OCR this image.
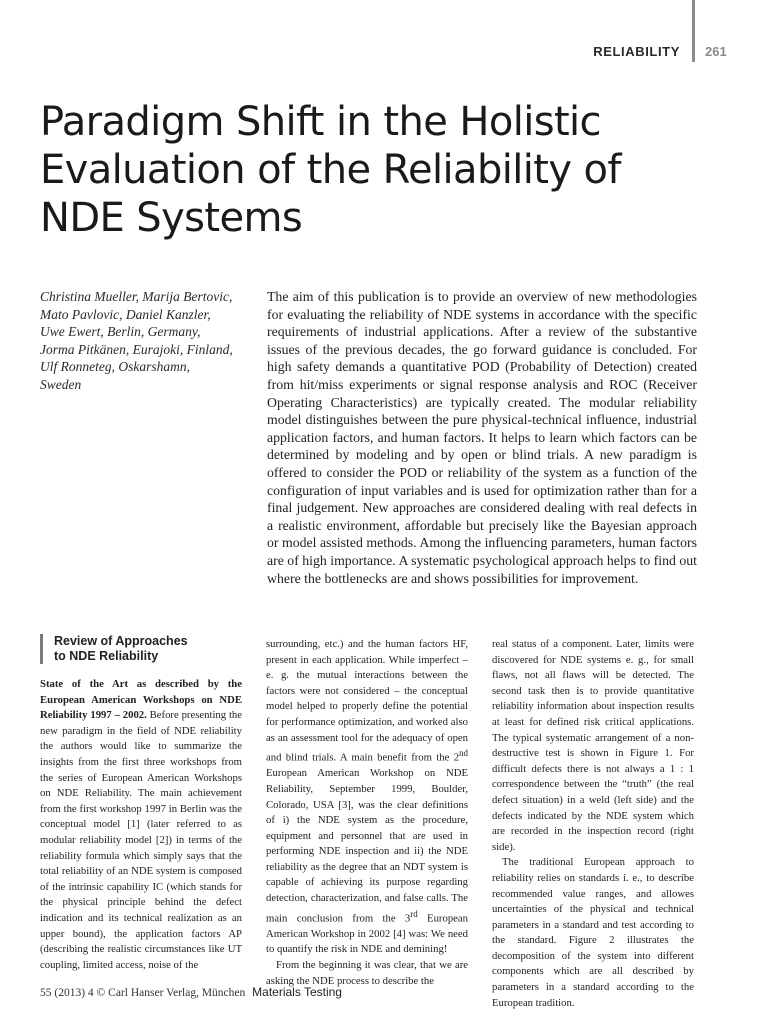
RELIABILITY 261
Paradigm Shift in the Holistic
Evaluation of the Reliability of
NDE Systems
Christina Mueller, Marija Bertovic,
Mato Pavlovic, Daniel Kanzler,
Uwe Ewert, Berlin, Germany,
Jorma Pitkänen, Eurajoki, Finland,
Ulf Ronneteg, Oskarshamn,
Sweden

The aim of this publication is to provide an overview of new methodologies for evaluating the reliability of NDE systems in accordance with the specific requirements of industrial applications. After a review of the substantive issues of the previous decades, the go forward guidance is concluded. For high safety demands a quantitative POD (Probability of Detection) created from hit/miss experiments or signal response analysis and ROC (Receiver Operating Characteristics) are typically created. The modular reliability model distinguishes between the pure physical-technical influence, industrial application factors, and human factors. It helps to learn which factors can be determined by modeling and by open or blind trials. A new paradigm is offered to consider the POD or reliability of the system as a function of the configuration of input variables and is used for optimization rather than for a final judgement. New approaches are considered dealing with real defects in a realistic environment, affordable but precisely like the Bayesian approach or model assisted methods. Among the influencing parameters, human factors are of high importance. A systematic psychological approach helps to find out where the bottlenecks are and shows possibilities for improvement.

Review of Approaches
to NDE Reliability

State of the Art as described by the European American Workshops on NDE Reliability 1997 – 2002. Before presenting the new paradigm in the field of NDE reliability the authors would like to summarize the insights from the first three workshops from the series of European American Workshops on NDE Reliability. The main achievement from the first workshop 1997 in Berlin was the conceptual model [1] (later referred to as modular reliability model [2]) in terms of the reliability formula which simply says that the total reliability of an NDE system is composed of the intrinsic capability IC (which stands for the physical principle behind the defect indication and its technical realization as an upper bound), the application factors AP (describing the realistic circumstances like UT coupling, limited access, noise of the

surrounding, etc.) and the human factors HF, present in each application. While imperfect – e. g. the mutual interactions between the factors were not considered – the conceptual model helped to properly define the potential for performance optimization, and worked also as an assessment tool for the adequacy of open and blind trials. A main benefit from the 2nd European American Workshop on NDE Reliability, September 1999, Boulder, Colorado, USA [3], was the clear definitions of i) the NDE system as the procedure, equipment and personnel that are used in performing NDE inspection and ii) the NDE reliability as the degree that an NDT system is capable of achieving its purpose regarding detection, characterization, and false calls. The main conclusion from the 3rd European American Workshop in 2002 [4] was: We need to quantify the risk in NDE and demining!

From the beginning it was clear, that we are asking the NDE process to describe the

real status of a component. Later, limits were discovered for NDE systems e. g., for small flaws, not all flaws will be detected. The second task then is to provide quantitative reliability information about inspection results at least for defined risk critical applications. The typical systematic arrangement of a non-destructive test is shown in Figure 1. For difficult defects there is not always a 1 : 1 correspondence between the “truth” (the real defect situation) in a weld (left side) and the defects indicated by the NDE system which are recorded in the inspection record (right side).

The traditional European approach to reliability relies on standards i. e., to describe recommended value ranges, and allowes uncertainties of the physical and technical parameters in a standard and test according to the standard. Figure 2 illustrates the decomposition of the system into different components which are all described by parameters in a standard according to the European tradition.

55 (2013) 4 © Carl Hanser Verlag, München Materials Testing
